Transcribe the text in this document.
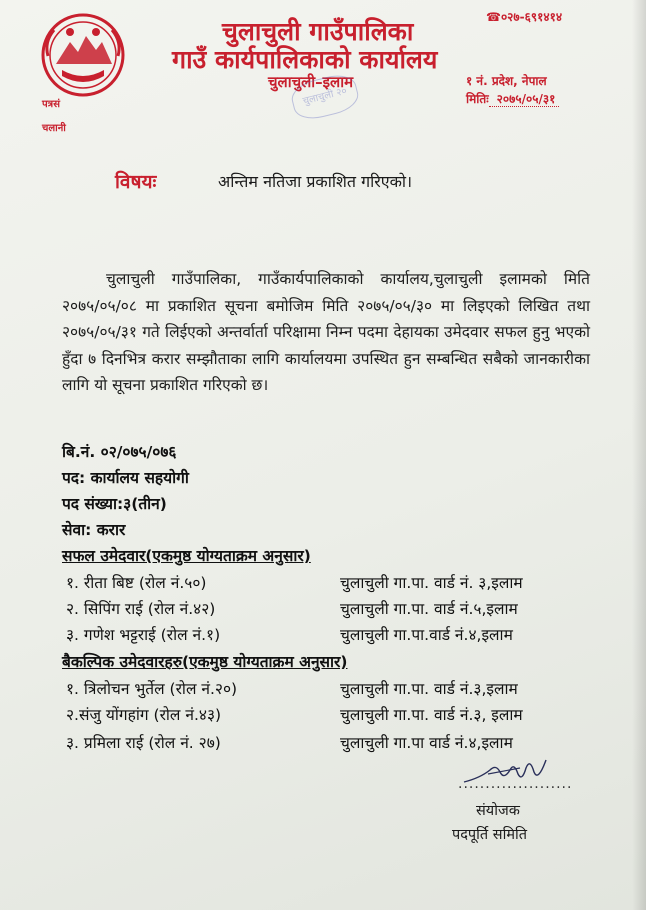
चुलाचुली गाउँपालिका
गाउँ कार्यपालिकाको कार्यालय
चुलाचुली–इलाम
चुलाचुली २०
☎०२७-६९१४१४
१ नं. प्रदेश, नेपाल
मितिः २०७५/०५/३१
पत्रसं
चलानी
विषयः	अन्तिम नतिजा प्रकाशित गरिएको।

चुलाचुली गाउँपालिका, गाउँकार्यपालिकाको कार्यालय,चुलाचुली इलामको मिति २०७५/०५/०८ मा प्रकाशित सूचना बमोजिम मिति २०७५/०५/३० मा लिइएको लिखित तथा २०७५/०५/३१ गते लिईएको अन्तर्वार्ता परिक्षामा निम्न पदमा देहायका उमेदवार सफल हुनु भएको हुँदा ७ दिनभित्र करार सम्झौताका लागि कार्यालयमा उपस्थित हुन सम्बन्धित सबैको जानकारीका लागि यो सूचना प्रकाशित गरिएको छ।

बि.नं. ०२/०७५/०७६
पद: कार्यालय सहयोगी
पद संख्या:३(तीन)
सेवा: करार
सफल उमेदवार(एकमुष्ठ योग्यताक्रम अनुसार)
१. रीता बिष्ट (रोल नं.५०)	चुलाचुली गा.पा. वार्ड नं. ३,इलाम
२. सिपिंग राई (रोल नं.४२)	चुलाचुली गा.पा. वार्ड नं.५,इलाम
३. गणेश भट्टराई (रोल नं.१)	चुलाचुली गा.पा.वार्ड नं.४,इलाम
बैकल्पिक उमेदवारहरु(एकमुष्ठ योग्यताक्रम अनुसार)
१. त्रिलोचन भुर्तेल (रोल नं.२०)	चुलाचुली गा.पा. वार्ड नं.३,इलाम
२.संजु योंगहांग (रोल नं.४३)	चुलाचुली गा.पा. वार्ड नं.३, इलाम
३. प्रमिला राई (रोल नं. २७)	चुलाचुली गा.पा वार्ड नं.४,इलाम
.....................
संयोजक
पदपूर्ति समिति
